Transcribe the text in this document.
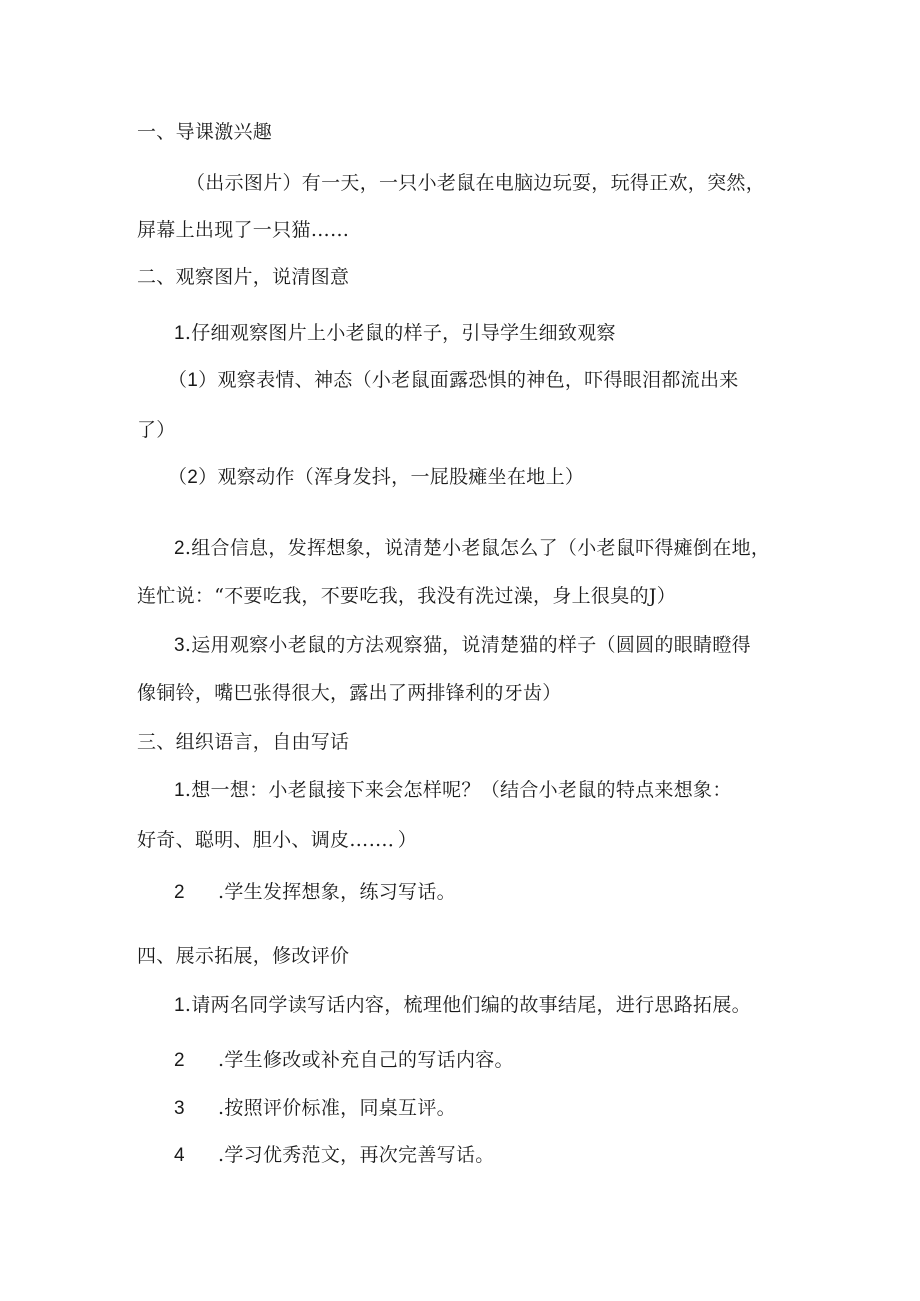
一、导课激兴趣
（出示图片）有一天，一只小老鼠在电脑边玩耍，玩得正欢，突然，
屏幕上出现了一只猫……
二、观察图片，说清图意
1.仔细观察图片上小老鼠的样子，引导学生细致观察
（1）观察表情、神态（小老鼠面露恐惧的神色，吓得眼泪都流出来
了）
（2）观察动作（浑身发抖，一屁股瘫坐在地上）
2.组合信息，发挥想象，说清楚小老鼠怎么了（小老鼠吓得瘫倒在地，
连忙说：“不要吃我，不要吃我，我没有洗过澡，身上很臭的J）
3.运用观察小老鼠的方法观察猫，说清楚猫的样子（圆圆的眼睛瞪得
像铜铃，嘴巴张得很大，露出了两排锋利的牙齿）
三、组织语言，自由写话
1.想一想：小老鼠接下来会怎样呢？（结合小老鼠的特点来想象：
好奇、聪明、胆小、调皮……．）
2 .学生发挥想象，练习写话。
四、展示拓展，修改评价
1.请两名同学读写话内容，梳理他们编的故事结尾，进行思路拓展。
2 .学生修改或补充自己的写话内容。
3 .按照评价标准，同桌互评。
4 .学习优秀范文，再次完善写话。
